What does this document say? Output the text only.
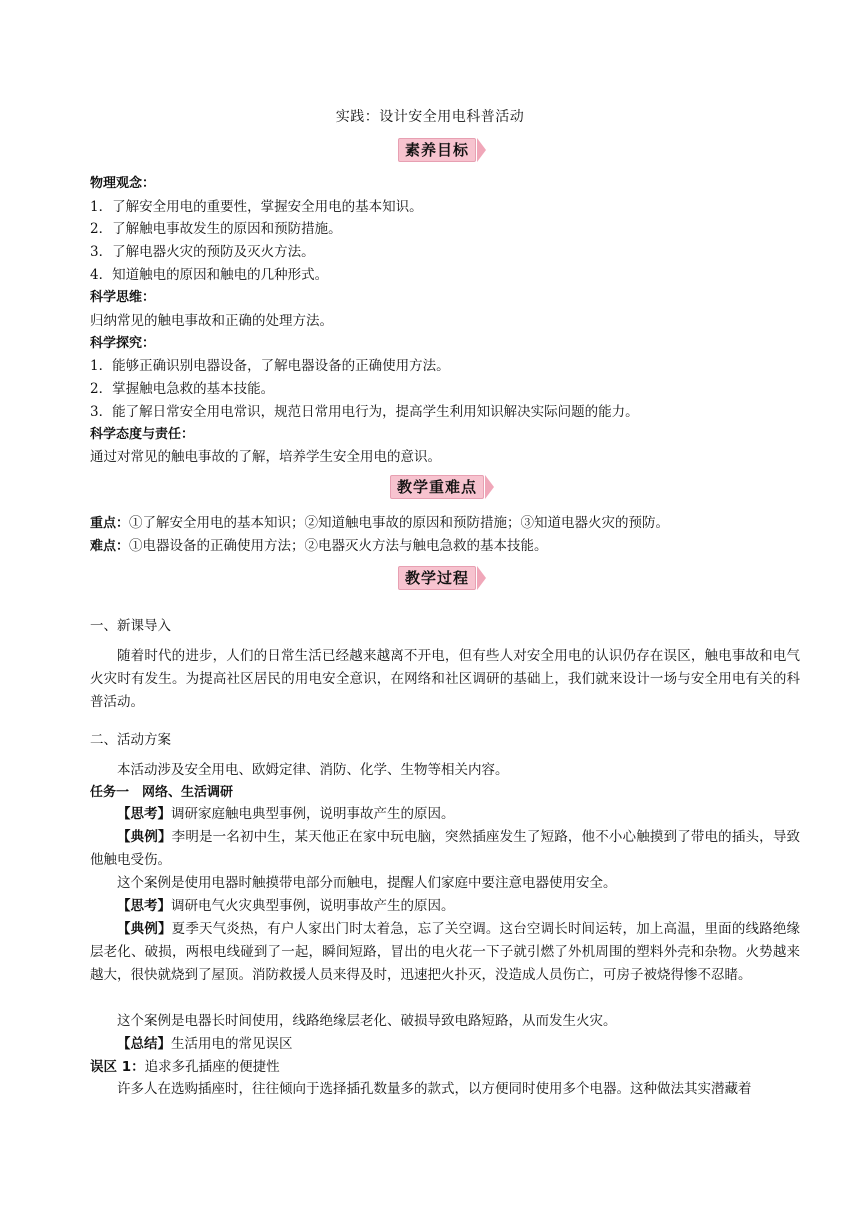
实践：设计安全用电科普活动
素养目标
物理观念：
1．了解安全用电的重要性，掌握安全用电的基本知识。
2．了解触电事故发生的原因和预防措施。
3．了解电器火灾的预防及灭火方法。
4．知道触电的原因和触电的几种形式。
科学思维：
归纳常见的触电事故和正确的处理方法。
科学探究：
1．能够正确识别电器设备，了解电器设备的正确使用方法。
2．掌握触电急救的基本技能。
3．能了解日常安全用电常识，规范日常用电行为，提高学生利用知识解决实际问题的能力。
科学态度与责任：
通过对常见的触电事故的了解，培养学生安全用电的意识。
教学重难点
重点：①了解安全用电的基本知识；②知道触电事故的原因和预防措施；③知道电器火灾的预防。
难点：①电器设备的正确使用方法；②电器灭火方法与触电急救的基本技能。
教学过程
一、新课导入
随着时代的进步，人们的日常生活已经越来越离不开电，但有些人对安全用电的认识仍存在误区，触电事故和电气火灾时有发生。为提高社区居民的用电安全意识，在网络和社区调研的基础上，我们就来设计一场与安全用电有关的科普活动。
二、活动方案
本活动涉及安全用电、欧姆定律、消防、化学、生物等相关内容。
任务一　网络、生活调研
【思考】调研家庭触电典型事例，说明事故产生的原因。
【典例】李明是一名初中生，某天他正在家中玩电脑，突然插座发生了短路，他不小心触摸到了带电的插头，导致他触电受伤。
这个案例是使用电器时触摸带电部分而触电，提醒人们家庭中要注意电器使用安全。
【思考】调研电气火灾典型事例，说明事故产生的原因。
【典例】夏季天气炎热，有户人家出门时太着急，忘了关空调。这台空调长时间运转，加上高温，里面的线路绝缘层老化、破损，两根电线碰到了一起，瞬间短路，冒出的电火花一下子就引燃了外机周围的塑料外壳和杂物。火势越来越大，很快就烧到了屋顶。消防救援人员来得及时，迅速把火扑灭，没造成人员伤亡，可房子被烧得惨不忍睹。
这个案例是电器长时间使用，线路绝缘层老化、破损导致电路短路，从而发生火灾。
【总结】生活用电的常见误区
误区 1：追求多孔插座的便捷性
许多人在选购插座时，往往倾向于选择插孔数量多的款式，以方便同时使用多个电器。这种做法其实潜藏着
